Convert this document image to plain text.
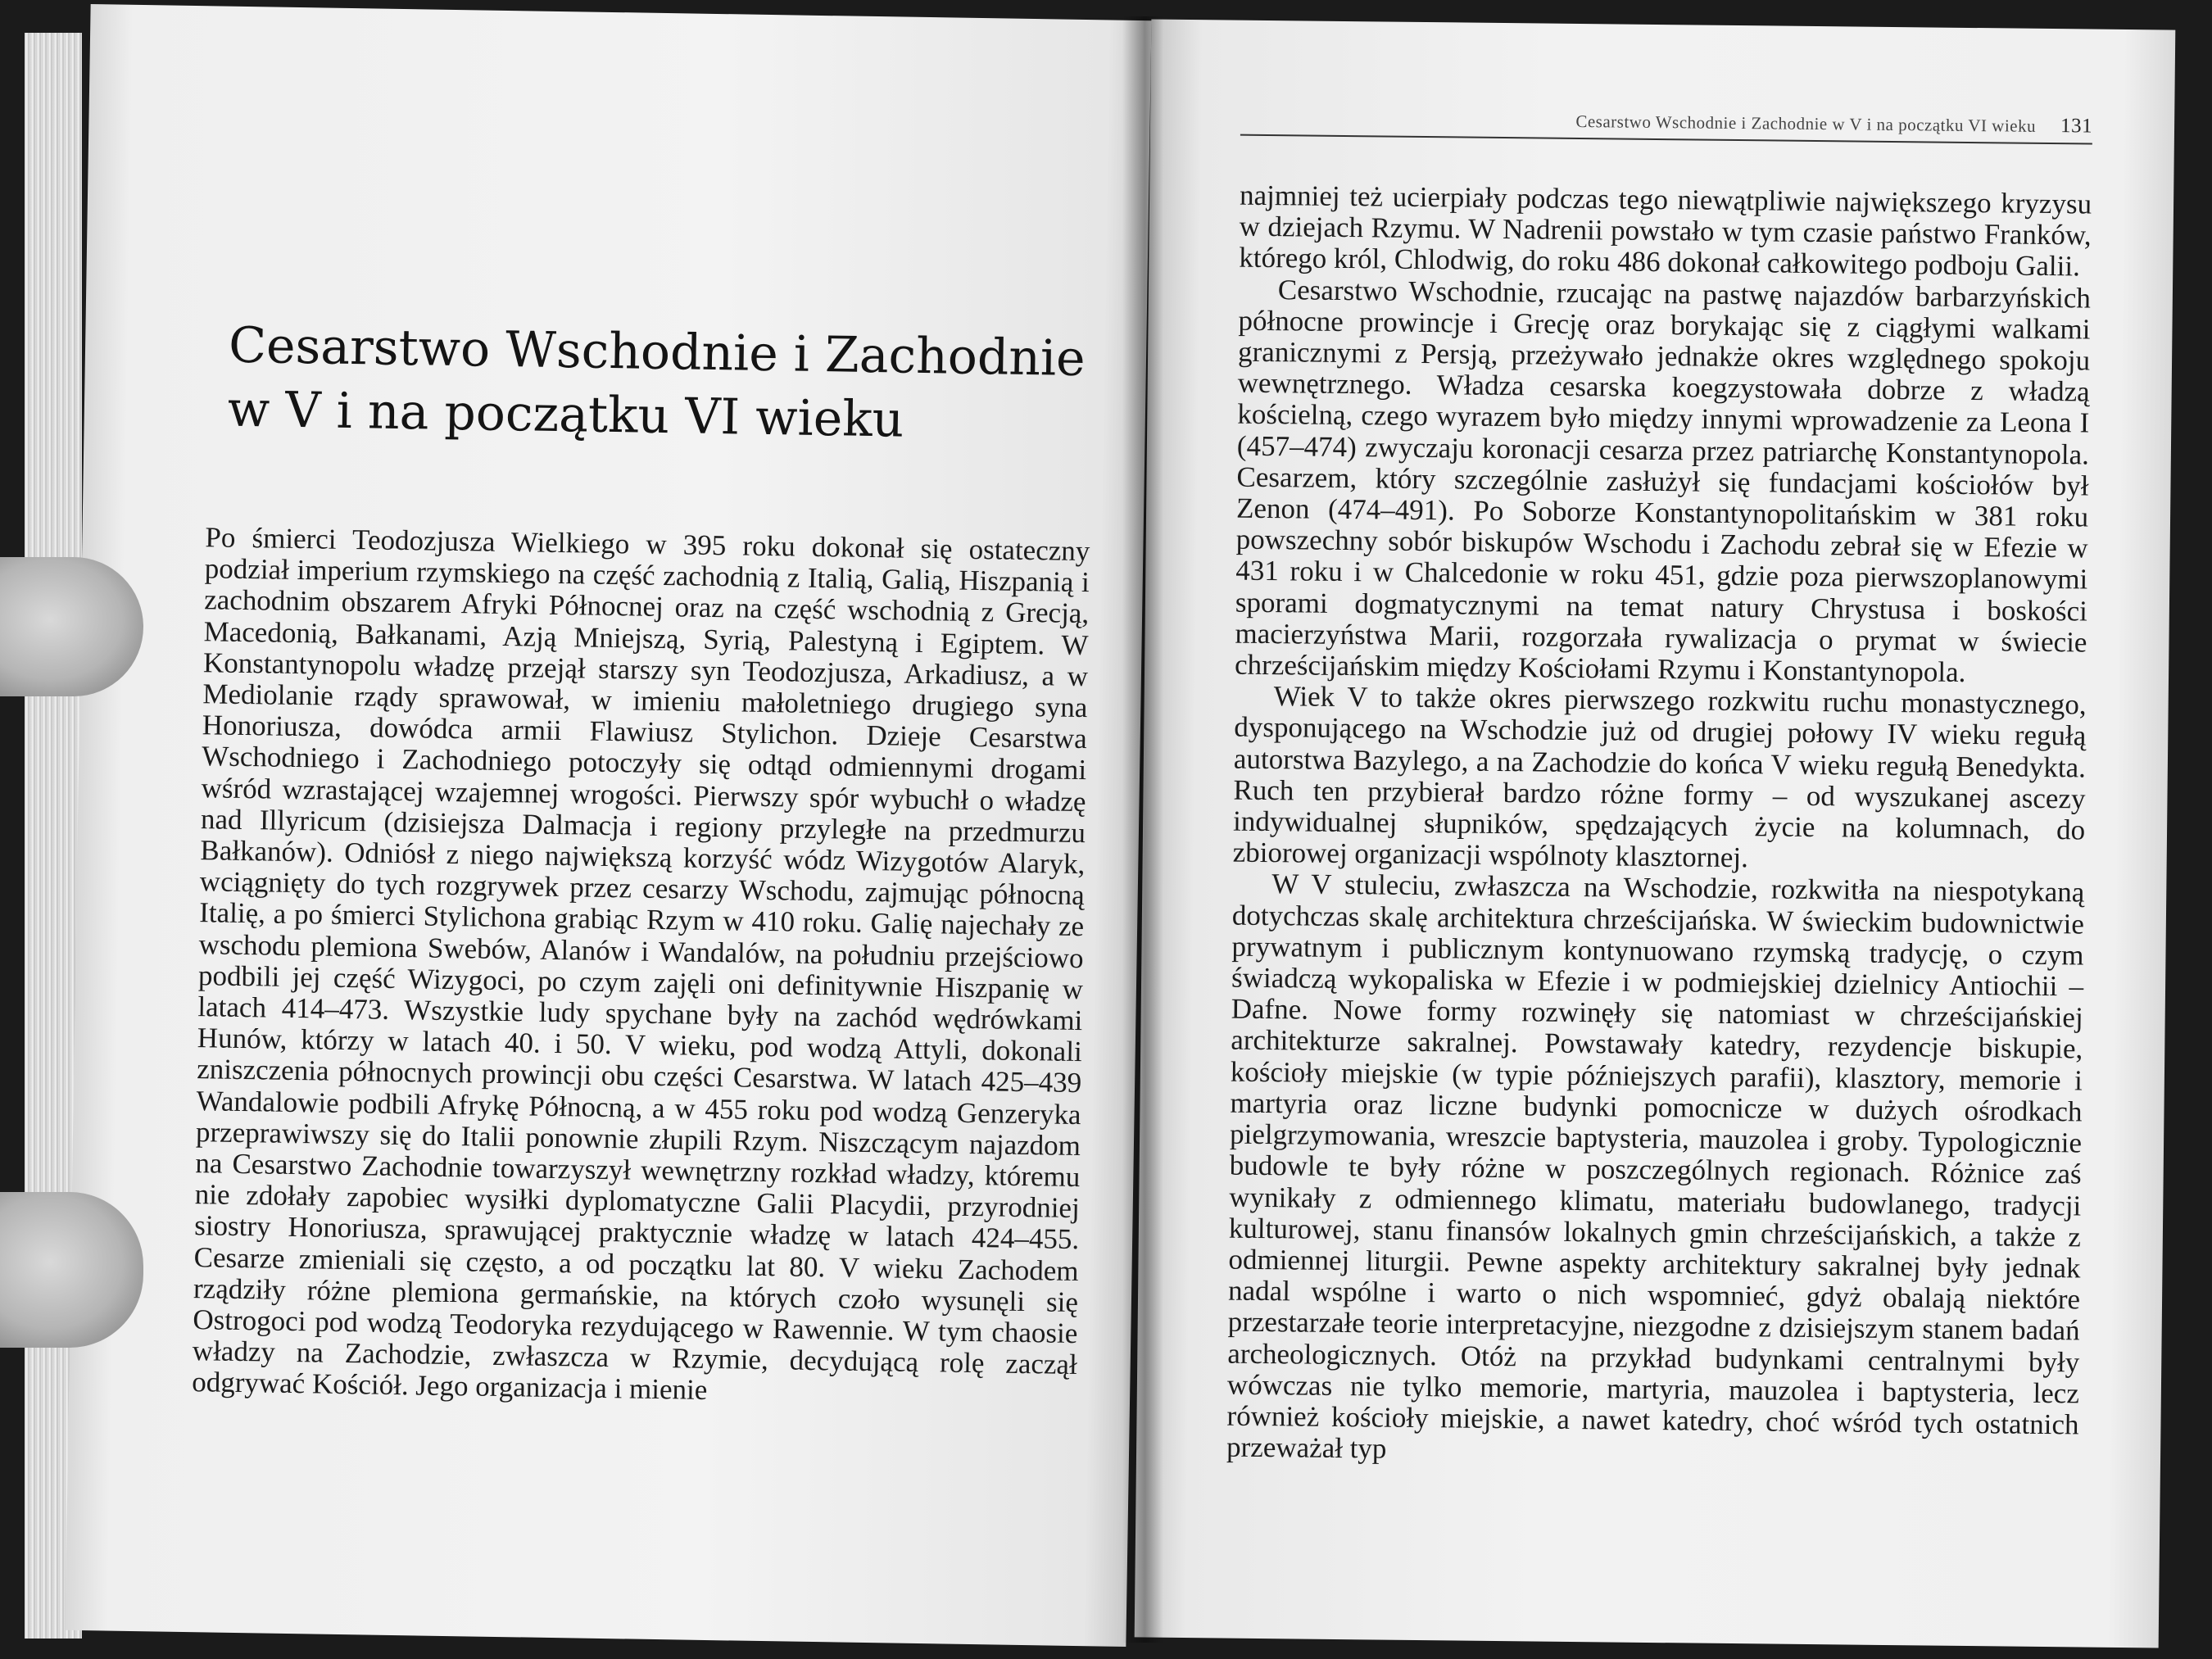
Cesarstwo Wschodnie i Zachodnie
w V i na początku VI wieku

Po śmierci Teodozjusza Wielkiego w 395 roku dokonał się ostateczny podział imperium rzymskiego na część zachodnią z Italią, Galią, Hiszpanią i zachodnim obszarem Afryki Północnej oraz na część wschodnią z Grecją, Macedonią, Bałkanami, Azją Mniejszą, Syrią, Palestyną i Egiptem. W Konstantynopolu władzę przejął starszy syn Teodozjusza, Arkadiusz, a w Mediolanie rządy sprawował, w imieniu małoletniego drugiego syna Honoriusza, dowódca armii Flawiusz Stylichon. Dzieje Cesarstwa Wschodniego i Zachodniego potoczyły się odtąd odmiennymi drogami wśród wzrastającej wzajemnej wrogości. Pierwszy spór wybuchł o władzę nad Illyricum (dzisiejsza Dalmacja i regiony przyległe na przedmurzu Bałkanów). Odniósł z niego największą korzyść wódz Wizygotów Alaryk, wciągnięty do tych rozgrywek przez cesarzy Wschodu, zajmując północną Italię, a po śmierci Stylichona grabiąc Rzym w 410 roku. Galię najechały ze wschodu plemiona Swebów, Alanów i Wandalów, na południu przejściowo podbili jej część Wizygoci, po czym zajęli oni definitywnie Hiszpanię w latach 414–473. Wszystkie ludy spychane były na zachód wędrówkami Hunów, którzy w latach 40. i 50. V wieku, pod wodzą Attyli, dokonali zniszczenia północnych prowincji obu części Cesarstwa. W latach 425–439 Wandalowie podbili Afrykę Północną, a w 455 roku pod wodzą Genzeryka przeprawiwszy się do Italii ponownie złupili Rzym. Niszczącym najazdom na Cesarstwo Zachodnie towarzyszył wewnętrzny rozkład władzy, któremu nie zdołały zapobiec wysiłki dyplomatyczne Galii Placydii, przyrodniej siostry Honoriusza, sprawującej praktycznie władzę w latach 424–455. Cesarze zmieniali się często, a od początku lat 80. V wieku Zachodem rządziły różne plemiona germańskie, na których czoło wysunęli się Ostrogoci pod wodzą Teodoryka rezydującego w Rawennie. W tym chaosie władzy na Zachodzie, zwłaszcza w Rzymie, decydującą rolę zaczął odgrywać Kościół. Jego organizacja i mienie

Cesarstwo Wschodnie i Zachodnie w V i na początku VI wieku 131

najmniej też ucierpiały podczas tego niewątpliwie największego kryzysu w dziejach Rzymu. W Nadrenii powstało w tym czasie państwo Franków, którego król, Chlodwig, do roku 486 dokonał całkowitego podboju Galii.

Cesarstwo Wschodnie, rzucając na pastwę najazdów barbarzyńskich północne prowincje i Grecję oraz borykając się z ciągłymi walkami granicznymi z Persją, przeżywało jednakże okres względnego spokoju wewnętrznego. Władza cesarska koegzystowała dobrze z władzą kościelną, czego wyrazem było między innymi wprowadzenie za Leona I (457–474) zwyczaju koronacji cesarza przez patriarchę Konstantynopola. Cesarzem, który szczególnie zasłużył się fundacjami kościołów był Zenon (474–491). Po Soborze Konstantynopolitańskim w 381 roku powszechny sobór biskupów Wschodu i Zachodu zebrał się w Efezie w 431 roku i w Chalcedonie w roku 451, gdzie poza pierwszoplanowymi sporami dogmatycznymi na temat natury Chrystusa i boskości macierzyństwa Marii, rozgorzała rywalizacja o prymat w świecie chrześcijańskim między Kościołami Rzymu i Konstantynopola.

Wiek V to także okres pierwszego rozkwitu ruchu monastycznego, dysponującego na Wschodzie już od drugiej połowy IV wieku regułą autorstwa Bazylego, a na Zachodzie do końca V wieku regułą Benedykta. Ruch ten przybierał bardzo różne formy – od wyszukanej ascezy indywidualnej słupników, spędzających życie na kolumnach, do zbiorowej organizacji wspólnoty klasztornej.

W V stuleciu, zwłaszcza na Wschodzie, rozkwitła na niespotykaną dotychczas skalę architektura chrześcijańska. W świeckim budownictwie prywatnym i publicznym kontynuowano rzymską tradycję, o czym świadczą wykopaliska w Efezie i w podmiejskiej dzielnicy Antiochii – Dafne. Nowe formy rozwinęły się natomiast w chrześcijańskiej architekturze sakralnej. Powstawały katedry, rezydencje biskupie, kościoły miejskie (w typie późniejszych parafii), klasztory, memorie i martyria oraz liczne budynki pomocnicze w dużych ośrodkach pielgrzymowania, wreszcie baptysteria, mauzolea i groby. Typologicznie budowle te były różne w poszczególnych regionach. Różnice zaś wynikały z odmiennego klimatu, materiału budowlanego, tradycji kulturowej, stanu finansów lokalnych gmin chrześcijańskich, a także z odmiennej liturgii. Pewne aspekty architektury sakralnej były jednak nadal wspólne i warto o nich wspomnieć, gdyż obalają niektóre przestarzałe teorie interpretacyjne, niezgodne z dzisiejszym stanem badań archeologicznych. Otóż na przykład budynkami centralnymi były wówczas nie tylko memorie, martyria, mauzolea i baptysteria, lecz również kościoły miejskie, a nawet katedry, choć wśród tych ostatnich przeważał typ
